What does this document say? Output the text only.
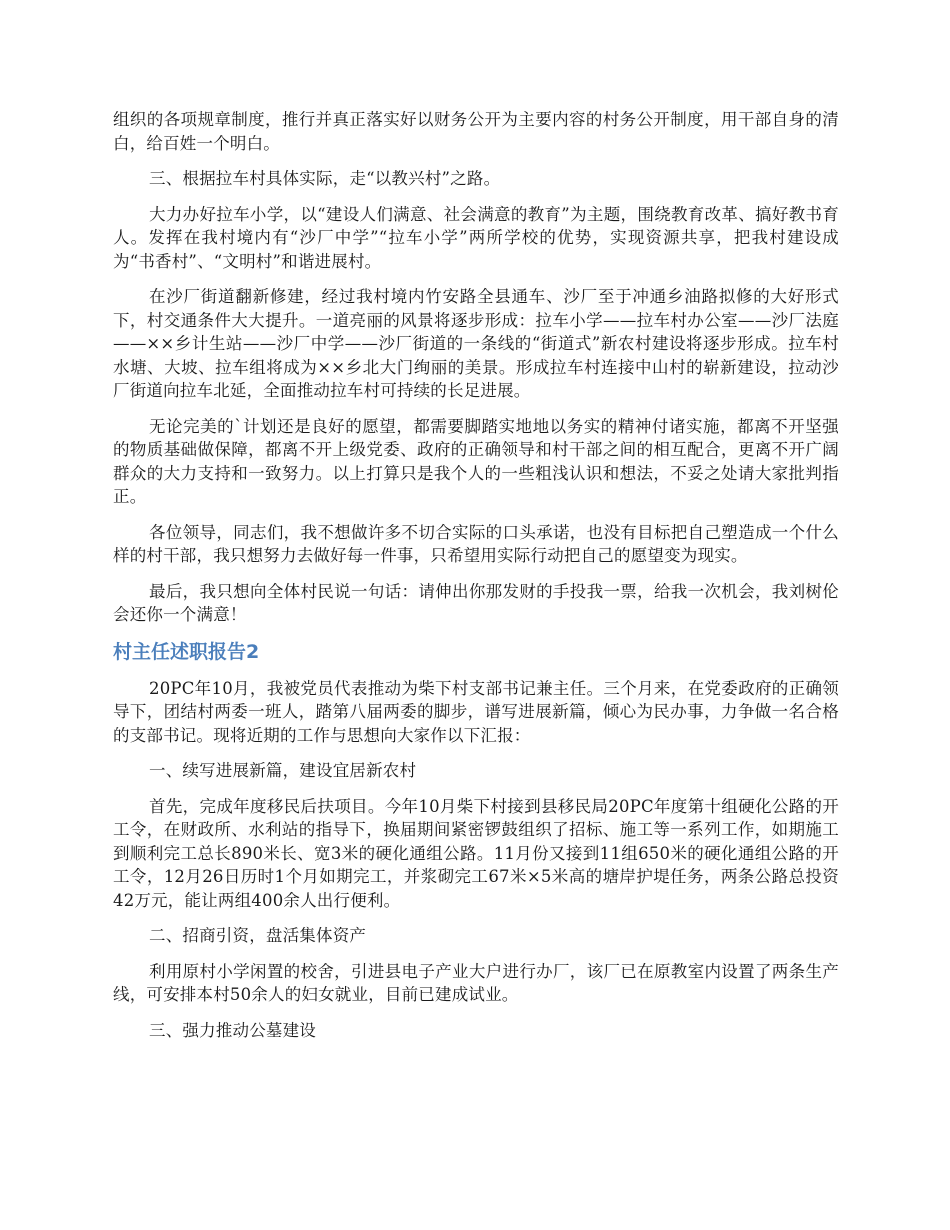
组织的各项规章制度，推行并真正落实好以财务公开为主要内容的村务公开制度，用干部自身的清白，给百姓一个明白。

三、根据拉车村具体实际，走“以教兴村”之路。

大力办好拉车小学，以“建设人们满意、社会满意的教育”为主题，围绕教育改革、搞好教书育人。发挥在我村境内有“沙厂中学”“拉车小学”两所学校的优势，实现资源共享，把我村建设成为“书香村”、“文明村”和谐进展村。

在沙厂街道翻新修建，经过我村境内竹安路全县通车、沙厂至于冲通乡油路拟修的大好形式下，村交通条件大大提升。一道亮丽的风景将逐步形成：拉车小学——拉车村办公室——沙厂法庭——××乡计生站——沙厂中学——沙厂街道的一条线的“街道式”新农村建设将逐步形成。拉车村水塘、大坡、拉车组将成为××乡北大门绚丽的美景。形成拉车村连接中山村的崭新建设，拉动沙厂街道向拉车北延，全面推动拉车村可持续的长足进展。

无论完美的`计划还是良好的愿望，都需要脚踏实地地以务实的精神付诸实施，都离不开坚强的物质基础做保障，都离不开上级党委、政府的正确领导和村干部之间的相互配合，更离不开广阔群众的大力支持和一致努力。以上打算只是我个人的一些粗浅认识和想法，不妥之处请大家批判指正。

各位领导，同志们，我不想做许多不切合实际的口头承诺，也没有目标把自己塑造成一个什么样的村干部，我只想努力去做好每一件事，只希望用实际行动把自己的愿望变为现实。

最后，我只想向全体村民说一句话：请伸出你那发财的手投我一票，给我一次机会，我刘树伦会还你一个满意！

村主任述职报告2

20PC年10月，我被党员代表推动为柴下村支部书记兼主任。三个月来，在党委政府的正确领导下，团结村两委一班人，踏第八届两委的脚步，谱写进展新篇，倾心为民办事，力争做一名合格的支部书记。现将近期的工作与思想向大家作以下汇报：

一、续写进展新篇，建设宜居新农村

首先，完成年度移民后扶项目。今年10月柴下村接到县移民局20PC年度第十组硬化公路的开工令，在财政所、水利站的指导下，换届期间紧密锣鼓组织了招标、施工等一系列工作，如期施工到顺利完工总长890米长、宽3米的硬化通组公路。11月份又接到11组650米的硬化通组公路的开工令，12月26日历时1个月如期完工，并浆砌完工67米×5米高的塘岸护堤任务，两条公路总投资42万元，能让两组400余人出行便利。

二、招商引资，盘活集体资产

利用原村小学闲置的校舍，引进县电子产业大户进行办厂，该厂已在原教室内设置了两条生产线，可安排本村50余人的妇女就业，目前已建成试业。

三、强力推动公墓建设
